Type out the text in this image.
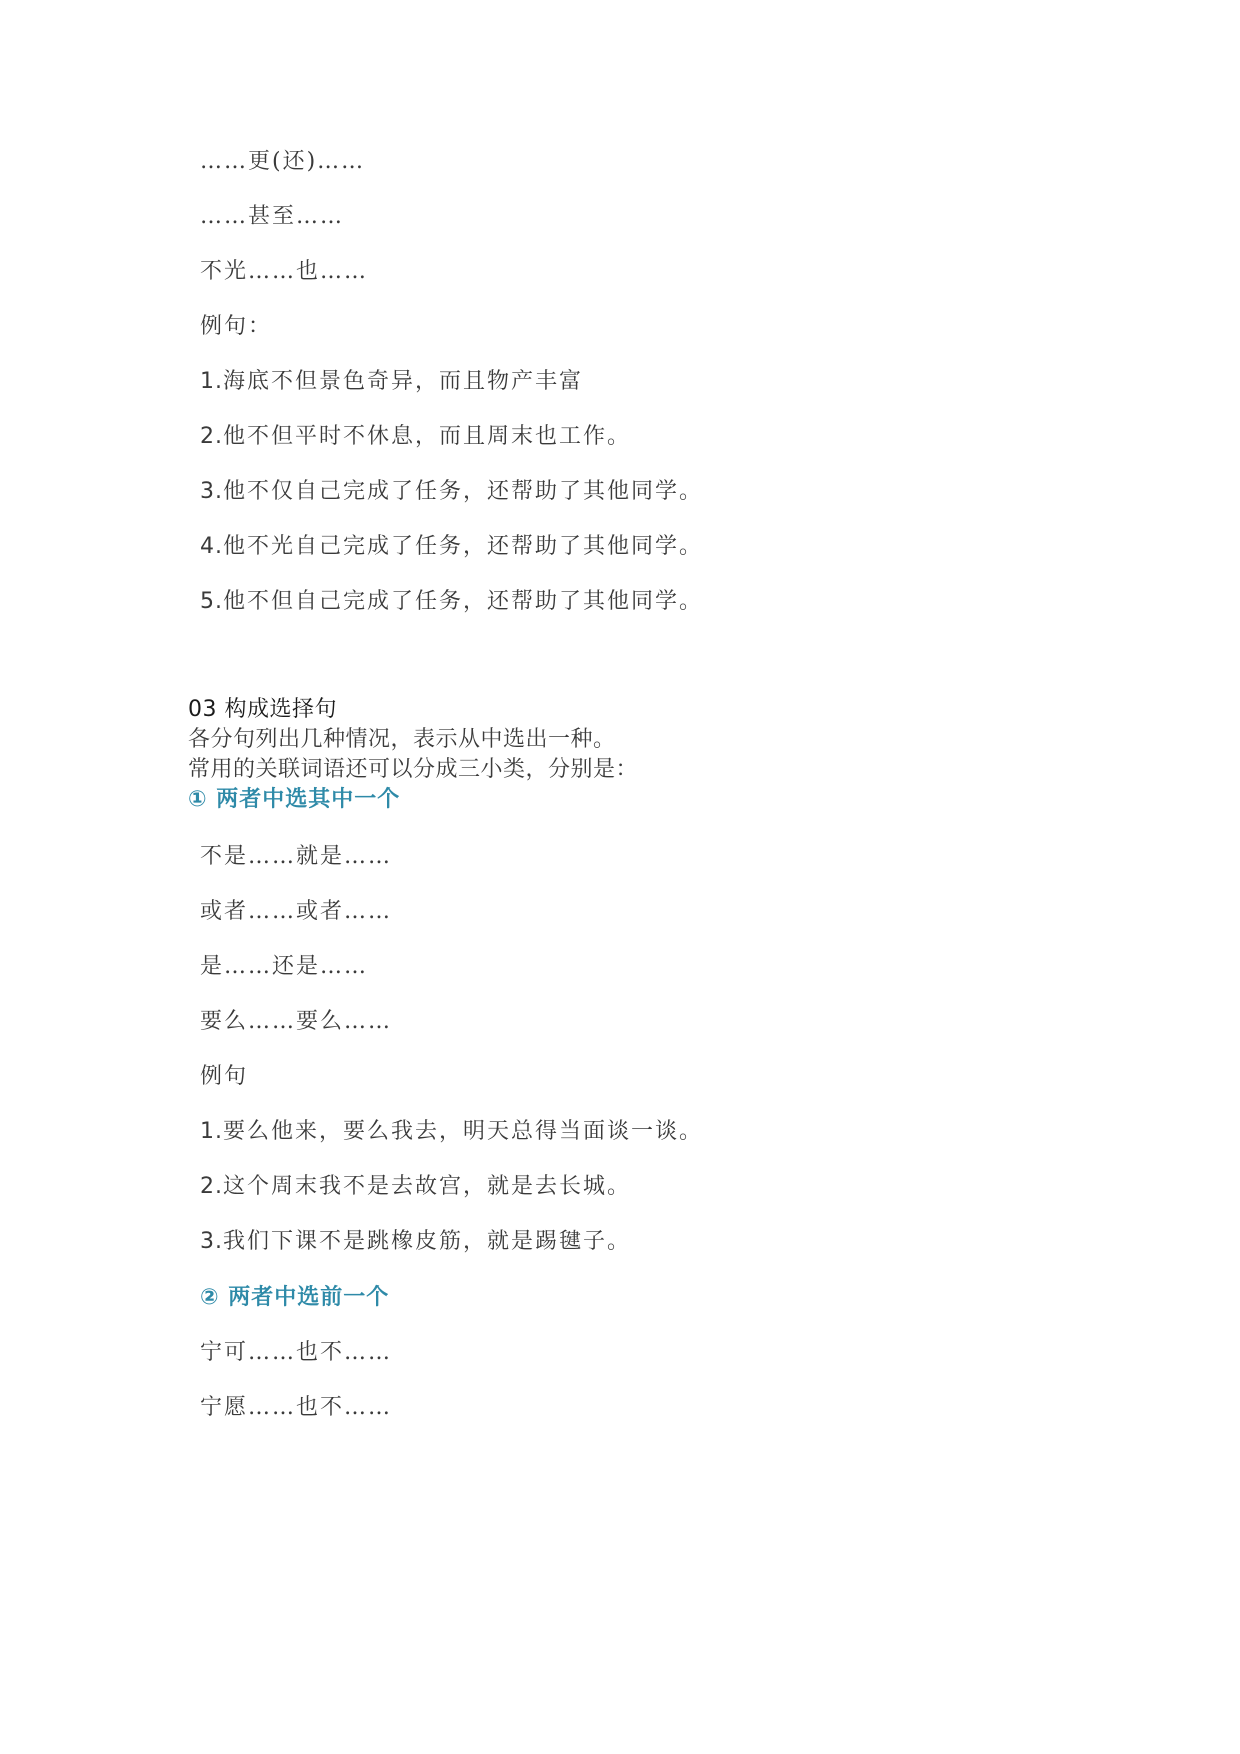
……更(还)……
……甚至……
不光……也……
例句：
1.海底不但景色奇异，而且物产丰富
2.他不但平时不休息，而且周末也工作。
3.他不仅自己完成了任务，还帮助了其他同学。
4.他不光自己完成了任务，还帮助了其他同学。
5.他不但自己完成了任务，还帮助了其他同学。
03 构成选择句
各分句列出几种情况，表示从中选出一种。
常用的关联词语还可以分成三小类，分别是：
① 两者中选其中一个
不是……就是……
或者……或者……
是……还是……
要么……要么……
例句
1.要么他来，要么我去，明天总得当面谈一谈。
2.这个周末我不是去故宫，就是去长城。
3.我们下课不是跳橡皮筋，就是踢毽子。
② 两者中选前一个
宁可……也不……
宁愿……也不……
